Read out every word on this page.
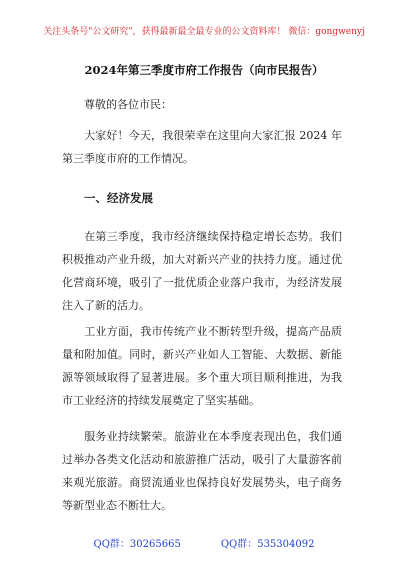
关注头条号"公文研究"，获得最新最全最专业的公文资料库！ 微信：gongwenyj
2024年第三季度市府工作报告（向市民报告）
尊敬的各位市民：
大家好！今天，我很荣幸在这里向大家汇报 2024 年第三季度市府的工作情况。
一、经济发展
在第三季度，我市经济继续保持稳定增长态势。我们积极推动产业升级，加大对新兴产业的扶持力度。通过优化营商环境，吸引了一批优质企业落户我市，为经济发展注入了新的活力。
工业方面，我市传统产业不断转型升级，提高产品质量和附加值。同时，新兴产业如人工智能、大数据、新能源等领域取得了显著进展。多个重大项目顺利推进，为我市工业经济的持续发展奠定了坚实基础。
服务业持续繁荣。旅游业在本季度表现出色，我们通过举办各类文化活动和旅游推广活动，吸引了大量游客前来观光旅游。商贸流通业也保持良好发展势头，电子商务等新型业态不断壮大。
QQ群：30265665	QQ群：535304092
